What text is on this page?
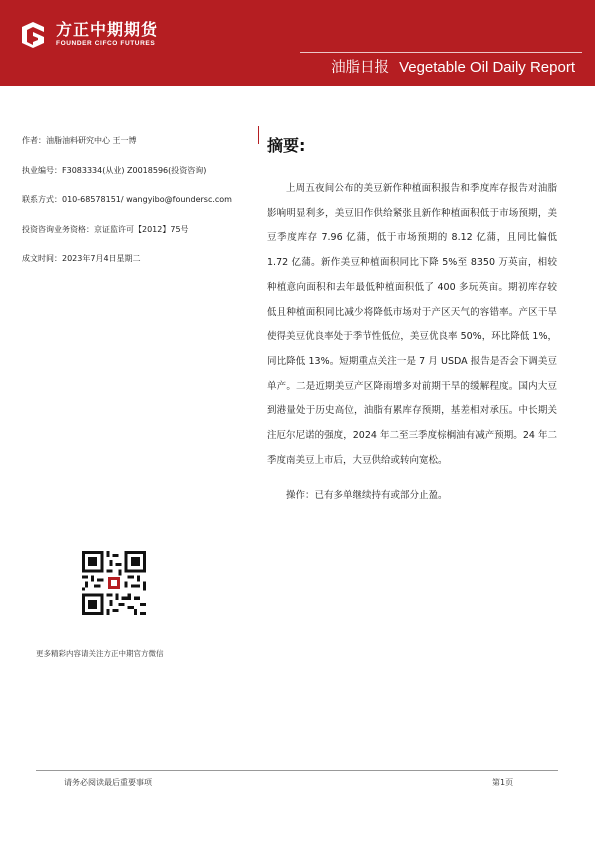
方正中期期货
FOUNDER CIFCO FUTURES
油脂日报 Vegetable Oil Daily Report
作者：油脂油料研究中心 王一博
执业编号：F3083334(从业) Z0018596(投资咨询)
联系方式：010-68578151/ wangyibo@foundersc.com
投资咨询业务资格：京证监许可【2012】75号
成文时间：2023年7月4日星期二
更多精彩内容请关注方正中期官方微信
摘要:

上周五夜间公布的美豆新作种植面积报告和季度库存报告对油脂影响明显利多，美豆旧作供给紧张且新作种植面积低于市场预期，美豆季度库存 7.96 亿蒲，低于市场预期的 8.12 亿蒲，且同比偏低 1.72 亿蒲。新作美豆种植面积同比下降 5%至 8350 万英亩，相较种植意向面积和去年最低种植面积低了 400 多玩英亩。期初库存较低且种植面积同比减少将降低市场对于产区天气的容错率。产区干旱使得美豆优良率处于季节性低位，美豆优良率 50%，环比降低 1%，同比降低 13%。短期重点关注一是 7 月 USDA 报告是否会下调美豆单产。二是近期美豆产区降雨增多对前期干旱的缓解程度。国内大豆到港量处于历史高位，油脂有累库存预期，基差相对承压。中长期关注厄尔尼诺的强度，2024 年二至三季度棕榈油有减产预期。24 年二季度南美豆上市后，大豆供给或转向宽松。

操作：已有多单继续持有或部分止盈。

请务必阅读最后重要事项	第1页
